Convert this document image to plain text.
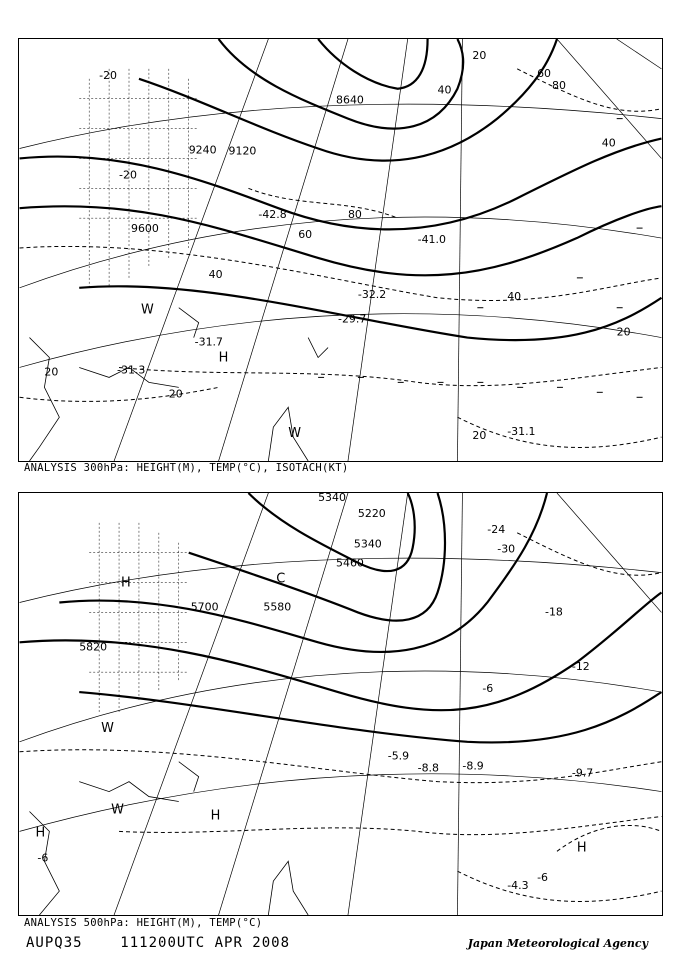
9600
9240 9120
8640
20
40
60
80
20
40
60
80
40
20
20
40
20
-20
-20
-31.3
-31.7
-29.7
-31.1
-32.2
-42.8
-41.0
H
W
W
ANALYSIS 300hPa: HEIGHT(M), TEMP(°C), ISOTACH(KT)
5820
5700	5580
5460
5340
5220
5340
-18
-12
-6
-6
-6
-24
-30
-8.9
-9.7
-4.3
-5.9
-8.8
H	C
H
W
W
H
H
ANALYSIS 500hPa: HEIGHT(M), TEMP(°C)
AUPQ35	111200UTC APR 2008	Japan Meteorological Agency
